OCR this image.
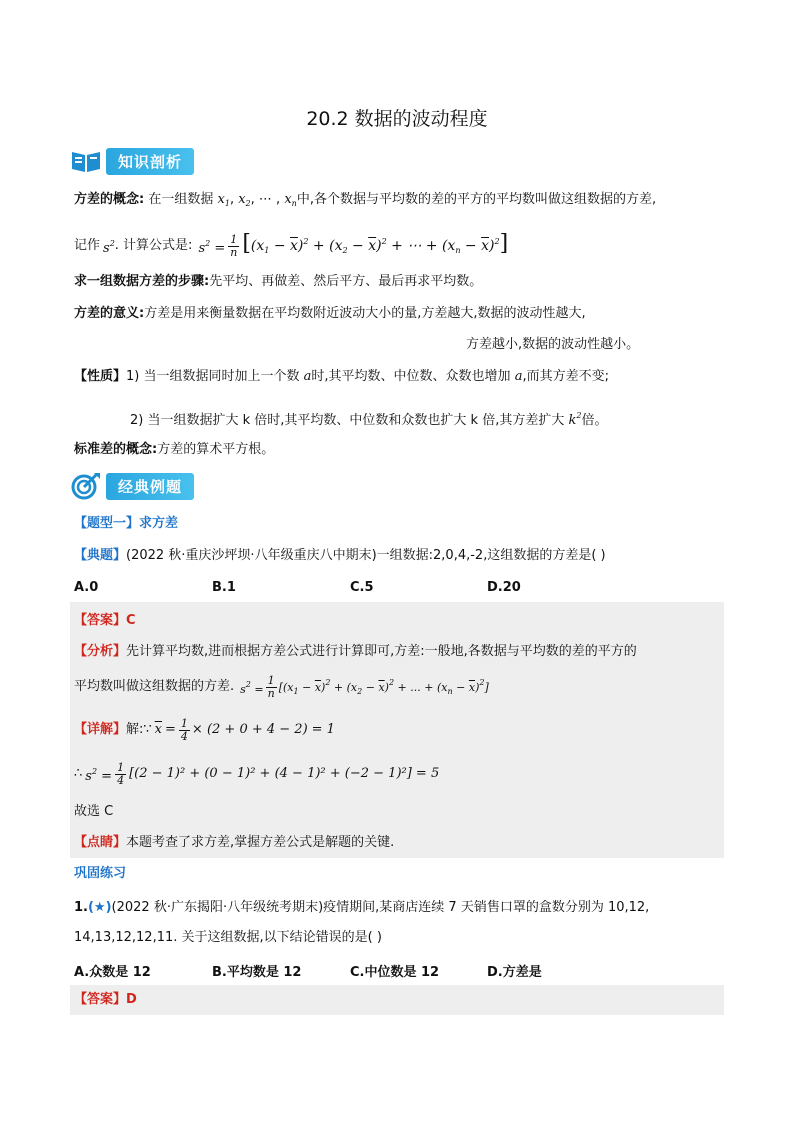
20.2 数据的波动程度
知识剖析
方差的概念: 在一组数据 $x_1$, $x_2$, ⋯ , $x_n$中,各个数据与平均数的差的平方的平均数叫做这组数据的方差,
记作 $s^2$ . 计算公式是: $s^2 = \frac{1}{n} [(x_1 - \overline{x})^2 + (x_2 - \overline{x})^2$ + ⋯ + $(x_n - \overline{x})^2$]
求一组数据方差的步骤:先平均、再做差、然后平方、最后再求平均数。
方差的意义:方差是用来衡量数据在平均数附近波动大小的量,方差越大,数据的波动性越大,
方差越小,数据的波动性越小。
【性质】1) 当一组数据同时加上一个数 a时,其平均数、中位数、众数也增加 a,而其方差不变;
2) 当一组数据扩大 k 倍时,其平均数、中位数和众数也扩大 k 倍,其方差扩大 $k^2$倍。
标准差的概念:方差的算术平方根。
经典例题
【题型一】求方差
【典题】(2022 秋·重庆沙坪坝·八年级重庆八中期末)一组数据:2,0,4,-2,这组数据的方差是( )
A.0	B.1	C.5	D.20
【答案】C
【分析】先计算平均数,进而根据方差公式进行计算即可,方差:一般地,各数据与平均数的差的平方的
平均数叫做这组数据的方差. $s^2 = \frac{1}{n} [(x_1 - \overline{x})^2 + (x_2 - \overline{x})^2$ + ... + $(x_n - \overline{x})^2$]
【详解】 解:∵ $\overline{x} = \frac{1}{4} \times (2 + 0 + 4 - 2) = 1$
∴ $s^2 = \frac{1}{4} [(2 - 1)^2 + (0 - 1)^2 + (4 - 1)^2 + (-2 - 1)^2] = 5$
故选 C
【点睛】本题考查了求方差,掌握方差公式是解题的关键.
巩固练习
1.(★)(2022 秋·广东揭阳·八年级统考期末)疫情期间,某商店连续 7 天销售口罩的盒数分别为 10,12,
14,13,12,12,11. 关于这组数据,以下结论错误的是( )
A.众数是 12	B.平均数是 12	C.中位数是 12	D.方差是
【答案】D
